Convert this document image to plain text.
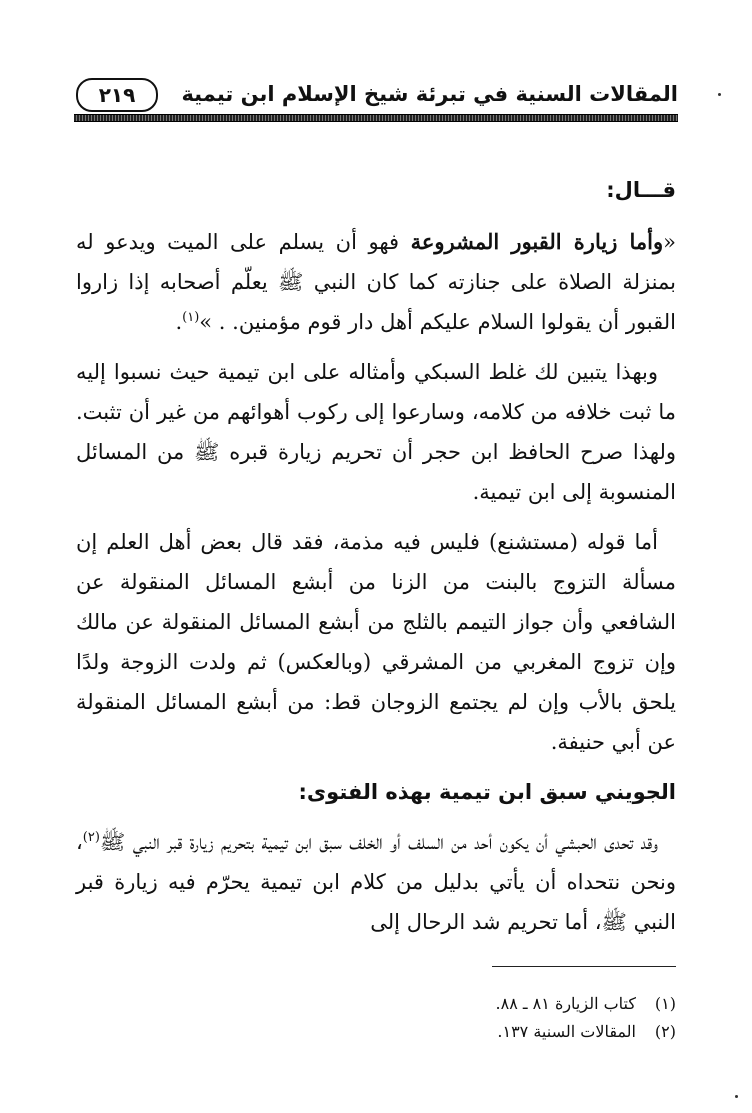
المقالات السنية في تبرئة شيخ الإسلام ابن تيمية
٢١٩
قـــال:

«وأما زيارة القبور المشروعة فهو أن يسلم على الميت ويدعو له بمنزلة الصلاة على جنازته كما كان النبي ﷺ يعلّم أصحابه إذا زاروا القبور أن يقولوا السلام عليكم أهل دار قوم مؤمنين. . »$^{(١)}$.

وبهذا يتبين لك غلط السبكي وأمثاله على ابن تيمية حيث نسبوا إليه ما ثبت خلافه من كلامه، وسارعوا إلى ركوب أهوائهم من غير أن تثبت. ولهذا صرح الحافظ ابن حجر أن تحريم زيارة قبره ﷺ من المسائل المنسوبة إلى ابن تيمية.

أما قوله (مستشنع) فليس فيه مذمة، فقد قال بعض أهل العلم إن مسألة التزوج بالبنت من الزنا من أبشع المسائل المنقولة عن الشافعي وأن جواز التيمم بالثلج من أبشع المسائل المنقولة عن مالك وإن تزوج المغربي من المشرقي (وبالعكس) ثم ولدت الزوجة ولدًا يلحق بالأب وإن لم يجتمع الزوجان قط: من أبشع المسائل المنقولة عن أبي حنيفة.

الجويني سبق ابن تيمية بهذه الفتوى:

وقد تحدى الحبشي أن يكون أحد من السلف أو الخلف سبق ابن تيمية بتحريم زيارة قبر النبي ﷺ$^{(٢)}$، ونحن نتحداه أن يأتي بدليل من كلام ابن تيمية يحرّم فيه زيارة قبر النبي ﷺ، أما تحريم شد الرحال إلى

(١)كتاب الزيارة ٨١ ـ ٨٨.
(٢)المقالات السنية ١٣٧.
